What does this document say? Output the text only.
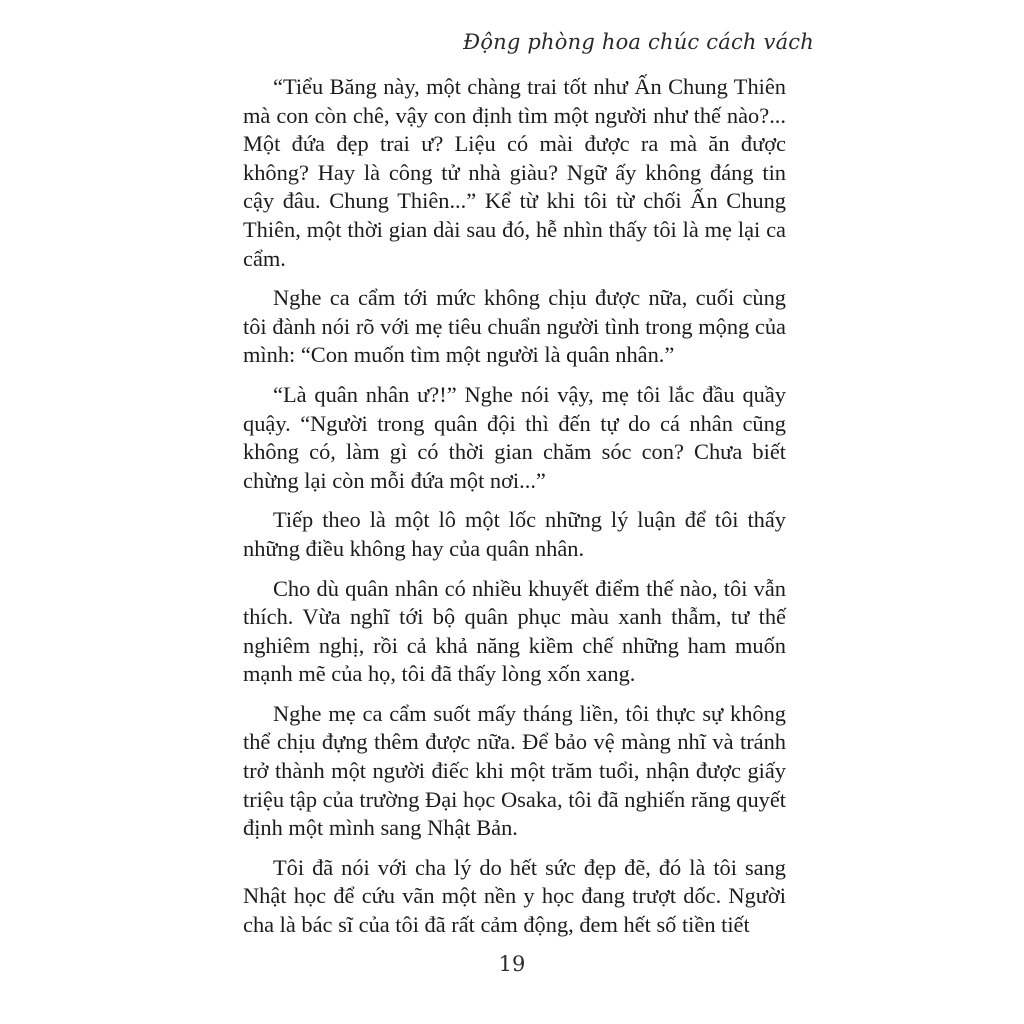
Động phòng hoa chúc cách vách

“Tiểu Băng này, một chàng trai tốt như Ấn Chung Thiên mà con còn chê, vậy con định tìm một người như thế nào?... Một đứa đẹp trai ư? Liệu có mài được ra mà ăn được không? Hay là công tử nhà giàu? Ngữ ấy không đáng tin cậy đâu. Chung Thiên...” Kể từ khi tôi từ chối Ấn Chung Thiên, một thời gian dài sau đó, hễ nhìn thấy tôi là mẹ lại ca cẩm.

Nghe ca cẩm tới mức không chịu được nữa, cuối cùng tôi đành nói rõ với mẹ tiêu chuẩn người tình trong mộng của mình: “Con muốn tìm một người là quân nhân.”

“Là quân nhân ư?!” Nghe nói vậy, mẹ tôi lắc đầu quầy quậy. “Người trong quân đội thì đến tự do cá nhân cũng không có, làm gì có thời gian chăm sóc con? Chưa biết chừng lại còn mỗi đứa một nơi...”

Tiếp theo là một lô một lốc những lý luận để tôi thấy những điều không hay của quân nhân.

Cho dù quân nhân có nhiều khuyết điểm thế nào, tôi vẫn thích. Vừa nghĩ tới bộ quân phục màu xanh thẫm, tư thế nghiêm nghị, rồi cả khả năng kiềm chế những ham muốn mạnh mẽ của họ, tôi đã thấy lòng xốn xang.

Nghe mẹ ca cẩm suốt mấy tháng liền, tôi thực sự không thể chịu đựng thêm được nữa. Để bảo vệ màng nhĩ và tránh trở thành một người điếc khi một trăm tuổi, nhận được giấy triệu tập của trường Đại học Osaka, tôi đã nghiến răng quyết định một mình sang Nhật Bản.

Tôi đã nói với cha lý do hết sức đẹp đẽ, đó là tôi sang Nhật học để cứu vãn một nền y học đang trượt dốc. Người cha là bác sĩ của tôi đã rất cảm động, đem hết số tiền tiết

19
